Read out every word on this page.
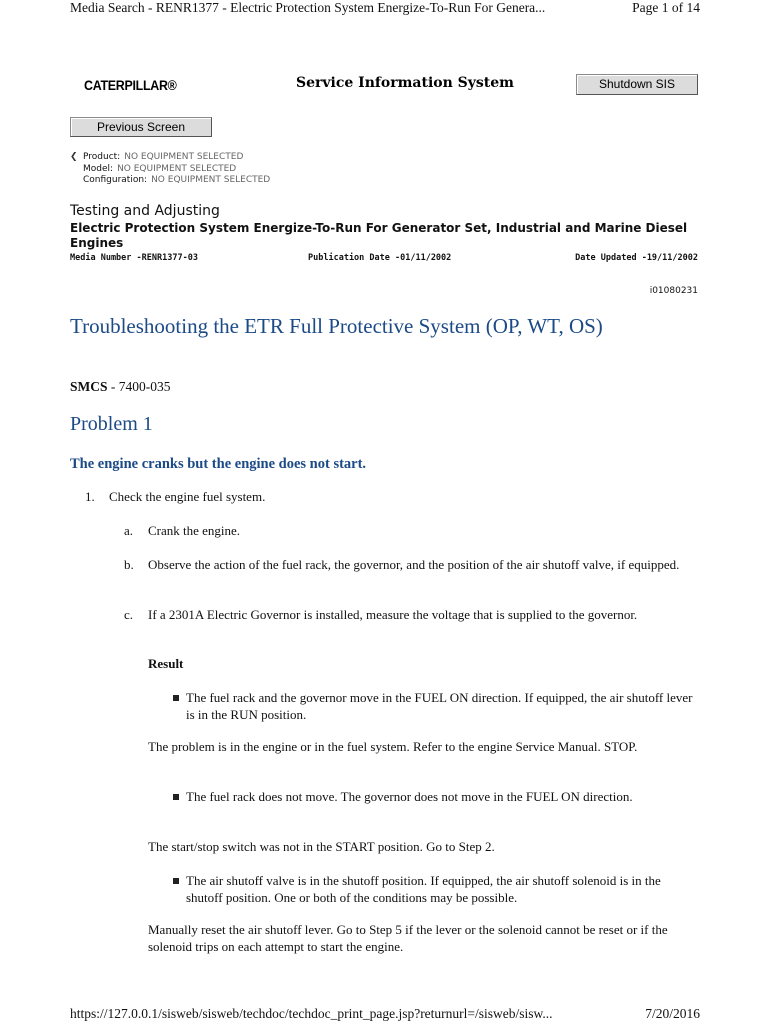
Media Search - RENR1377 - Electric Protection System Energize-To-Run For Genera...	Page 1 of 14
CATERPILLAR®	Service Information System	Shutdown SIS
Previous Screen
❮ Product: NO EQUIPMENT SELECTED
Model: NO EQUIPMENT SELECTED
Configuration: NO EQUIPMENT SELECTED
Testing and Adjusting
Electric Protection System Energize-To-Run For Generator Set, Industrial and Marine Diesel Engines
Media Number -RENR1377-03	Publication Date -01/11/2002	Date Updated -19/11/2002
i01080231
Troubleshooting the ETR Full Protective System (OP, WT, OS)
SMCS - 7400-035
Problem 1
The engine cranks but the engine does not start.
1. Check the engine fuel system.
a. Crank the engine.
b. Observe the action of the fuel rack, the governor, and the position of the air shutoff valve, if equipped.
c. If a 2301A Electric Governor is installed, measure the voltage that is supplied to the governor.
Result
The fuel rack and the governor move in the FUEL ON direction. If equipped, the air shutoff lever is in the RUN position.
The problem is in the engine or in the fuel system. Refer to the engine Service Manual. STOP.
The fuel rack does not move. The governor does not move in the FUEL ON direction.
The start/stop switch was not in the START position. Go to Step 2.
The air shutoff valve is in the shutoff position. If equipped, the air shutoff solenoid is in the shutoff position. One or both of the conditions may be possible.
Manually reset the air shutoff lever. Go to Step 5 if the lever or the solenoid cannot be reset or if the solenoid trips on each attempt to start the engine.
https://127.0.0.1/sisweb/sisweb/techdoc/techdoc_print_page.jsp?returnurl=/sisweb/sisw...	7/20/2016
